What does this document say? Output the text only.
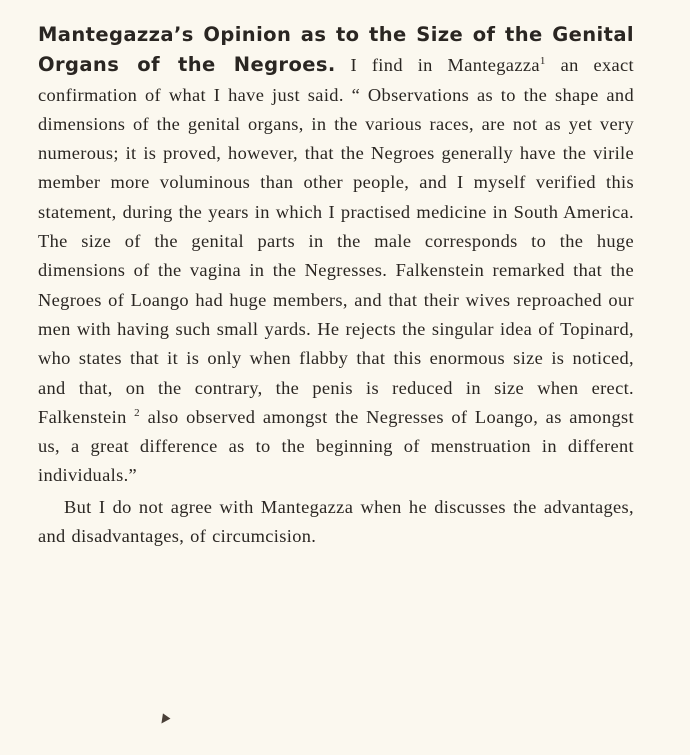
Mantegazza’s Opinion as to the Size of the Genital Organs of the Negroes. I find in Mantegazza$^1$ an exact confirmation of what I have just said. “ Observations as to the shape and dimensions of the genital organs, in the various races, are not as yet very numerous; it is proved, however, that the Negroes generally have the virile member more voluminous than other people, and I myself verified this statement, during the years in which I practised medicine in South America. The size of the genital parts in the male corresponds to the huge dimensions of the vagina in the Negresses. Falkenstein remarked that the Negroes of Loango had huge members, and that their wives reproached our men with having such small yards. He rejects the singular idea of Topinard, who states that it is only when flabby that this enormous size is noticed, and that, on the contrary, the penis is reduced in size when erect. Falkenstein $^2$ also observed amongst the Negresses of Loango, as amongst us, a great difference as to the beginning of menstruation in different individuals.”

But I do not agree with Mantegazza when he discusses the advantages, and disadvantages, of circumcision.

▼
